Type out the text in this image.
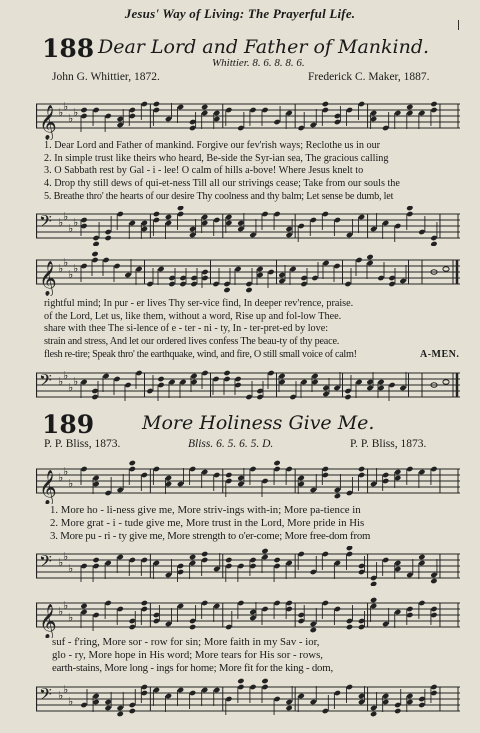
Jesus' Way of Living: The Prayerful Life.
188 Dear Lord and Father of Mankind.
Whittier. 8. 6. 8. 8. 6.
John G. Whittier, 1872.	Frederick C. Maker, 1887.
𝄞 ♭ ♭
♭ ♭
1. Dear Lord and Father of mankind. Forgive our fev'rish ways; Reclothe us in our
2. In simple trust like theirs who heard, Be-side the Syr-ian sea, The gracious calling
3. O Sabbath rest by Gal - i - lee! O calm of hills a-bove! Where Jesus knelt to
4. Drop thy still dews of qui-et-ness Till all our strivings cease; Take from our souls the
5. Breathe thro' the hearts of our desire Thy coolness and thy balm; Let sense be dumb, let
𝄢 ♭ ♭
♭ ♭
𝄞 ♭ ♭
♭ ♭
rightful mind; In pur - er lives Thy ser-vice find, In deeper rev'rence, praise.
of the Lord, Let us, like them, without a word, Rise up and fol-low Thee.
share with thee The si-lence of e - ter - ni - ty, In - ter-pret-ed by love:
strain and stress, And let our ordered lives confess The beau-ty of thy peace.
flesh re-tire; Speak thro' the earthquake, wind, and fire, O still small voice of calm!	A-MEN.
𝄢 ♭ ♭
♭ ♭
189	More Holiness Give Me.
P. P. Bliss, 1873.	Bliss. 6. 5. 6. 5. D.	P. P. Bliss, 1873.
𝄞 ♭ ♭
♭
1. More ho - li-ness give me, More striv-ings with-in; More pa-tience in
2. More grat - i - tude give me, More trust in the Lord, More pride in His
3. More pu - ri - ty give me, More strength to o'er-come; More free-dom from
𝄢 ♭ ♭
♭
𝄞 ♭ ♭
♭
suf - f'ring, More sor - row for sin; More faith in my Sav - ior,
glo - ry, More hope in His word; More tears for His sor - rows,
earth-stains, More long - ings for home; More fit for the king - dom,
𝄢 ♭ ♭
♭
